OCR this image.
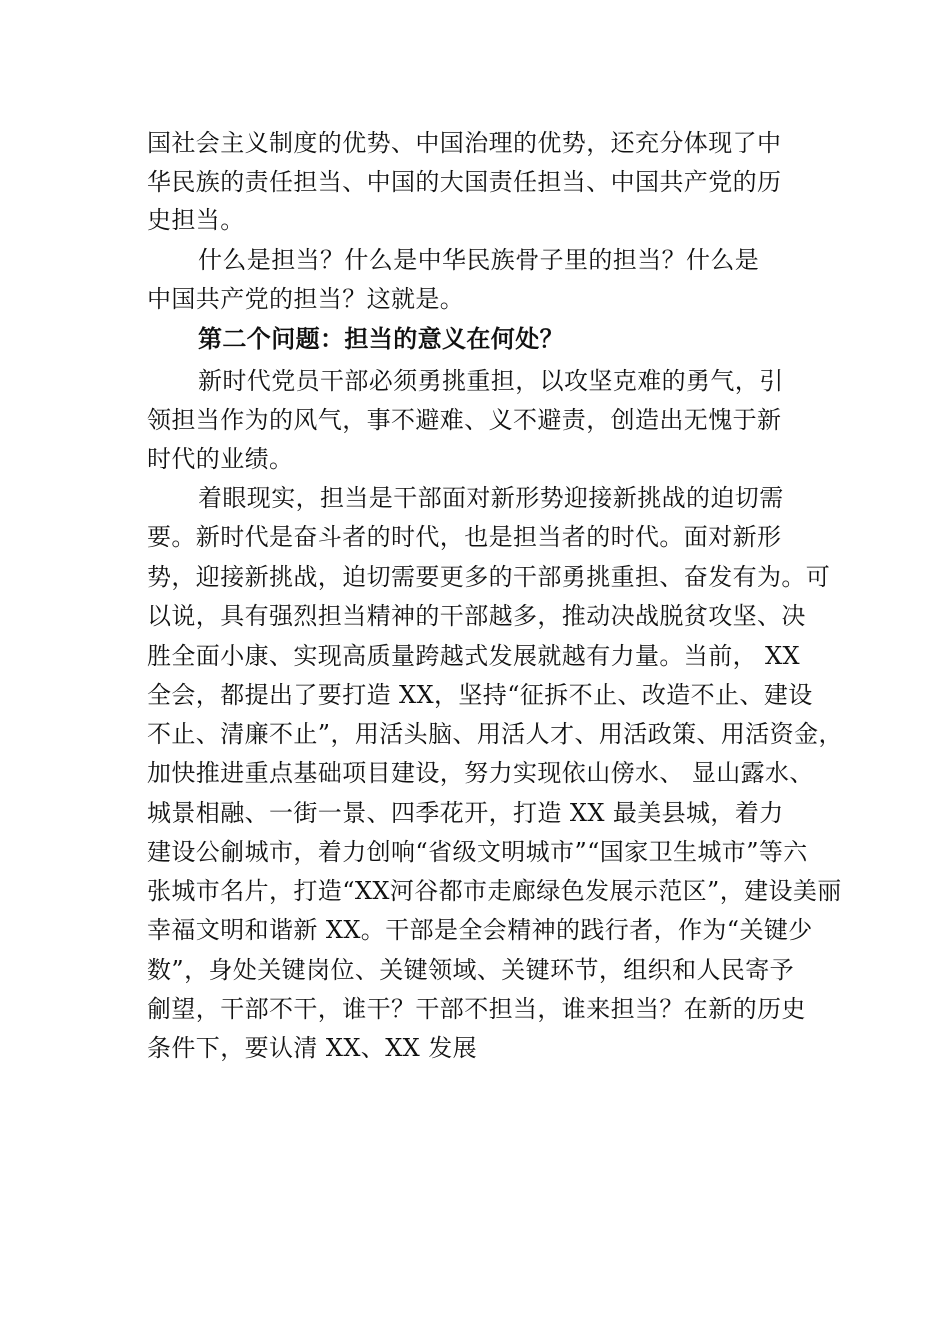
国社会主义制度的优势、中国治理的优势，还充分体现了中
华民族的责任担当、中国的大国责任担当、中国共产党的历
史担当。
什么是担当？什么是中华民族骨子里的担当？什么是
中国共产党的担当？这就是。
第二个问题：担当的意义在何处？
新时代党员干部必须勇挑重担，以攻坚克难的勇气，引
领担当作为的风气，事不避难、义不避责，创造出无愧于新
时代的业绩。
着眼现实，担当是干部面对新形势迎接新挑战的迫切需
要。新时代是奋斗者的时代，也是担当者的时代。面对新形
势，迎接新挑战，迫切需要更多的干部勇挑重担、奋发有为。可
以说，具有强烈担当精神的干部越多，推动决战脱贫攻坚、决
胜全面小康、实现高质量跨越式发展就越有力量。当前， XX
全会，都提出了要打造 XX，坚持“征拆不止、改造不止、建设
不止、清廉不止”，用活头脑、用活人才、用活政策、用活资金，
加快推进重点基础项目建设，努力实现依山傍水、 显山露水、
城景相融、一街一景、四季花开，打造 XX 最美县城，着力
建设公㓱城市，着力创响“省级文明城市”“国家卫生城市”等六
张城市名片，打造“XX河谷都市走廊绿色发展示范区”，建设美丽
幸福文明和谐新 XX。干部是全会精神的践行者，作为“关键少
数”，身处关键岗位、关键领域、关键环节，组织和人民寄予
㓱望，干部不干，谁干？干部不担当，谁来担当？在新的历史
条件下，要认清 XX、XX 发展
